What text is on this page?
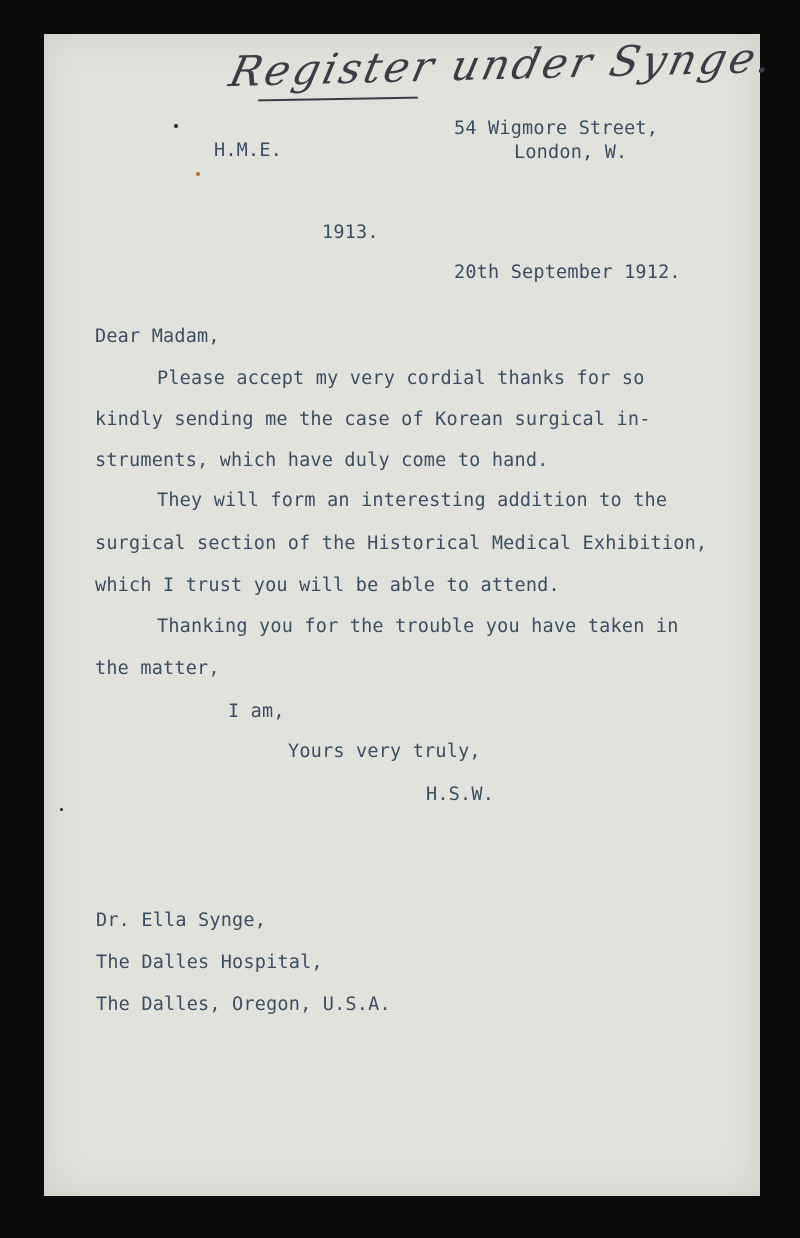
Register under Synge.
H.M.E.
54 Wigmore Street,
London, W.
1913.
20th September 1912.
Dear Madam,
Please accept my very cordial thanks for so
kindly sending me the case of Korean surgical in-
struments, which have duly come to hand.
They will form an interesting addition to the
surgical section of the Historical Medical Exhibition,
which I trust you will be able to attend.
Thanking you for the trouble you have taken in
the matter,
I am,
Yours very truly,
H.S.W.
Dr. Ella Synge,
The Dalles Hospital,
The Dalles, Oregon, U.S.A.
